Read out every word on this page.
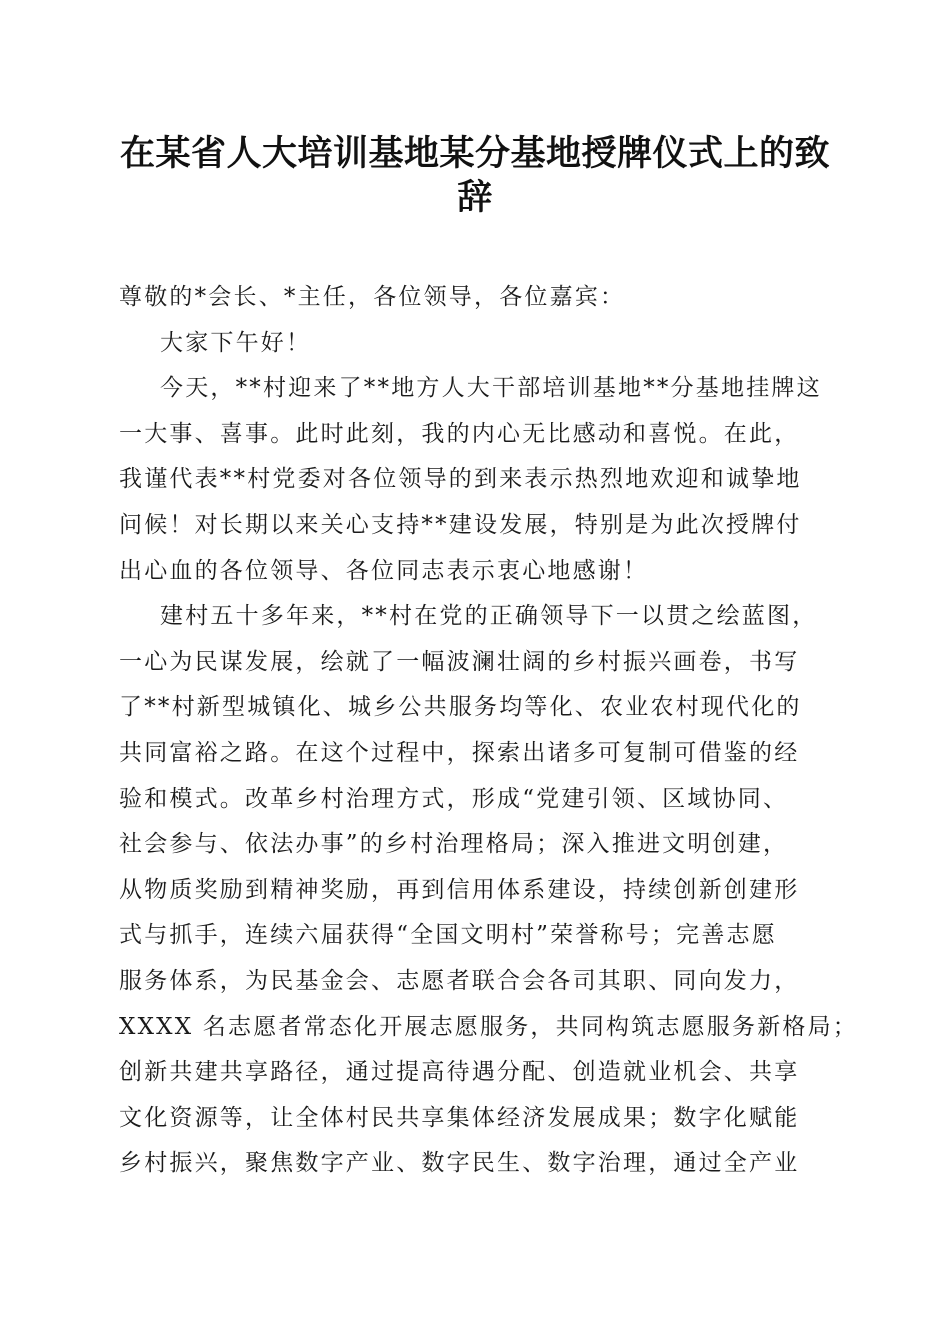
在某省人大培训基地某分基地授牌仪式上的致
辞
尊敬的*会长、*主任，各位领导，各位嘉宾：
大家下午好！
今天，**村迎来了**地方人大干部培训基地**分基地挂牌这
一大事、喜事。此时此刻，我的内心无比感动和喜悦。在此，
我谨代表**村党委对各位领导的到来表示热烈地欢迎和诚挚地
问候！对长期以来关心支持**建设发展，特别是为此次授牌付
出心血的各位领导、各位同志表示衷心地感谢！
建村五十多年来，**村在党的正确领导下一以贯之绘蓝图，
一心为民谋发展，绘就了一幅波澜壮阔的乡村振兴画卷，书写
了**村新型城镇化、城乡公共服务均等化、农业农村现代化的
共同富裕之路。在这个过程中，探索出诸多可复制可借鉴的经
验和模式。改革乡村治理方式，形成“党建引领、区域协同、
社会参与、依法办事”的乡村治理格局；深入推进文明创建，
从物质奖励到精神奖励，再到信用体系建设，持续创新创建形
式与抓手，连续六届获得“全国文明村”荣誉称号；完善志愿
服务体系，为民基金会、志愿者联合会各司其职、同向发力，
XXXX 名志愿者常态化开展志愿服务，共同构筑志愿服务新格局；
创新共建共享路径，通过提高待遇分配、创造就业机会、共享
文化资源等，让全体村民共享集体经济发展成果；数字化赋能
乡村振兴，聚焦数字产业、数字民生、数字治理，通过全产业
